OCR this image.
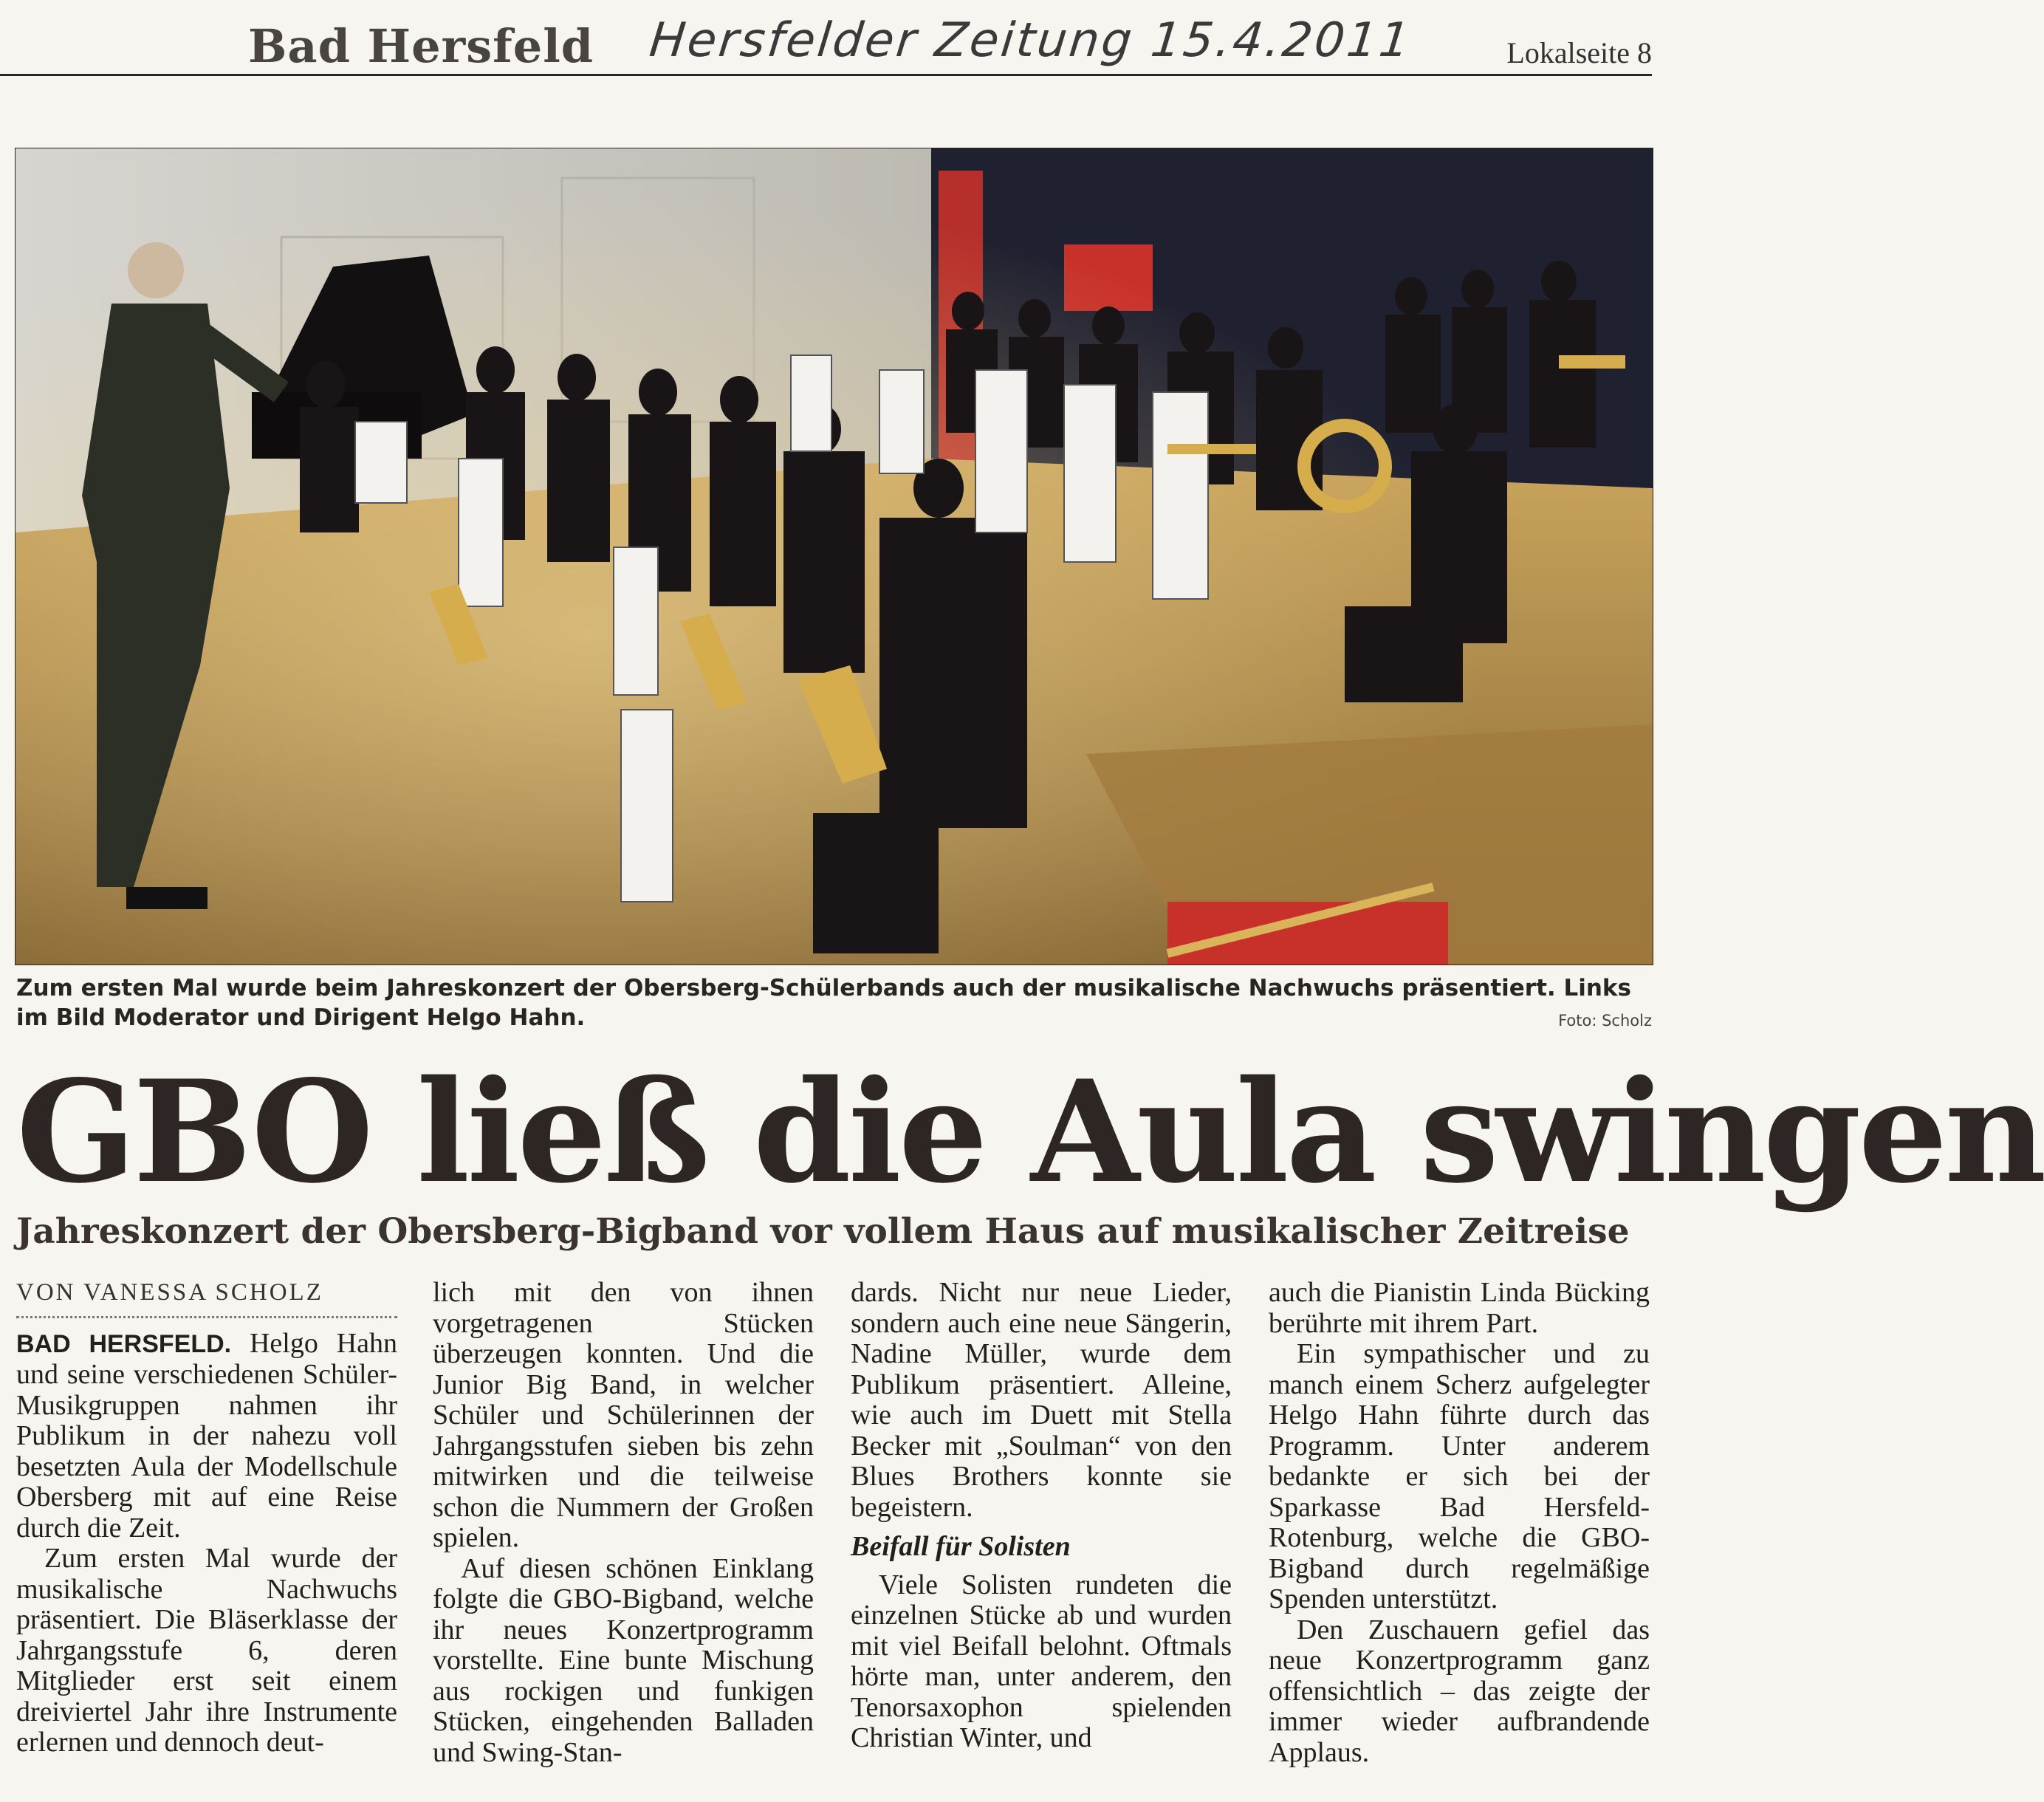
Bad Hersfeld Hersfelder Zeitung 15.4.2011	Lokalseite 8
Zum ersten Mal wurde beim Jahreskonzert der Obersberg-Schülerbands auch der musikalische Nachwuchs präsentiert. Links im Bild Moderator und Dirigent Helgo Hahn.	Foto: Scholz
GBO ließ die Aula swingen
Jahreskonzert der Obersberg-Bigband vor vollem Haus auf musikalischer Zeitreise
VON VANESSA SCHOLZ

BAD HERSFELD. Helgo Hahn und seine verschiedenen Schüler-Musikgruppen nahmen ihr Publikum in der nahezu voll besetzten Aula der Modellschule Obersberg mit auf eine Reise durch die Zeit.

Zum ersten Mal wurde der musikalische Nachwuchs präsentiert. Die Bläserklasse der Jahrgangsstufe 6, deren Mitglieder erst seit einem dreiviertel Jahr ihre Instrumente erlernen und dennoch deut-

lich mit den von ihnen vorgetragenen Stücken überzeugen konnten. Und die Junior Big Band, in welcher Schüler und Schülerinnen der Jahrgangsstufen sieben bis zehn mitwirken und die teilweise schon die Nummern der Großen spielen.

Auf diesen schönen Einklang folgte die GBO-Bigband, welche ihr neues Konzertprogramm vorstellte. Eine bunte Mischung aus rockigen und funkigen Stücken, eingehenden Balladen und Swing-Stan-

dards. Nicht nur neue Lieder, sondern auch eine neue Sängerin, Nadine Müller, wurde dem Publikum präsentiert. Alleine, wie auch im Duett mit Stella Becker mit „Soulman“ von den Blues Brothers konnte sie begeistern.

Beifall für Solisten

Viele Solisten rundeten die einzelnen Stücke ab und wurden mit viel Beifall belohnt. Oftmals hörte man, unter anderem, den Tenorsaxophon spielenden Christian Winter, und

auch die Pianistin Linda Bücking berührte mit ihrem Part.

Ein sympathischer und zu manch einem Scherz aufgelegter Helgo Hahn führte durch das Programm. Unter anderem bedankte er sich bei der Sparkasse Bad Hersfeld-Rotenburg, welche die GBO-Bigband durch regelmäßige Spenden unterstützt.

Den Zuschauern gefiel das neue Konzertprogramm ganz offensichtlich – das zeigte der immer wieder aufbrandende Applaus.
